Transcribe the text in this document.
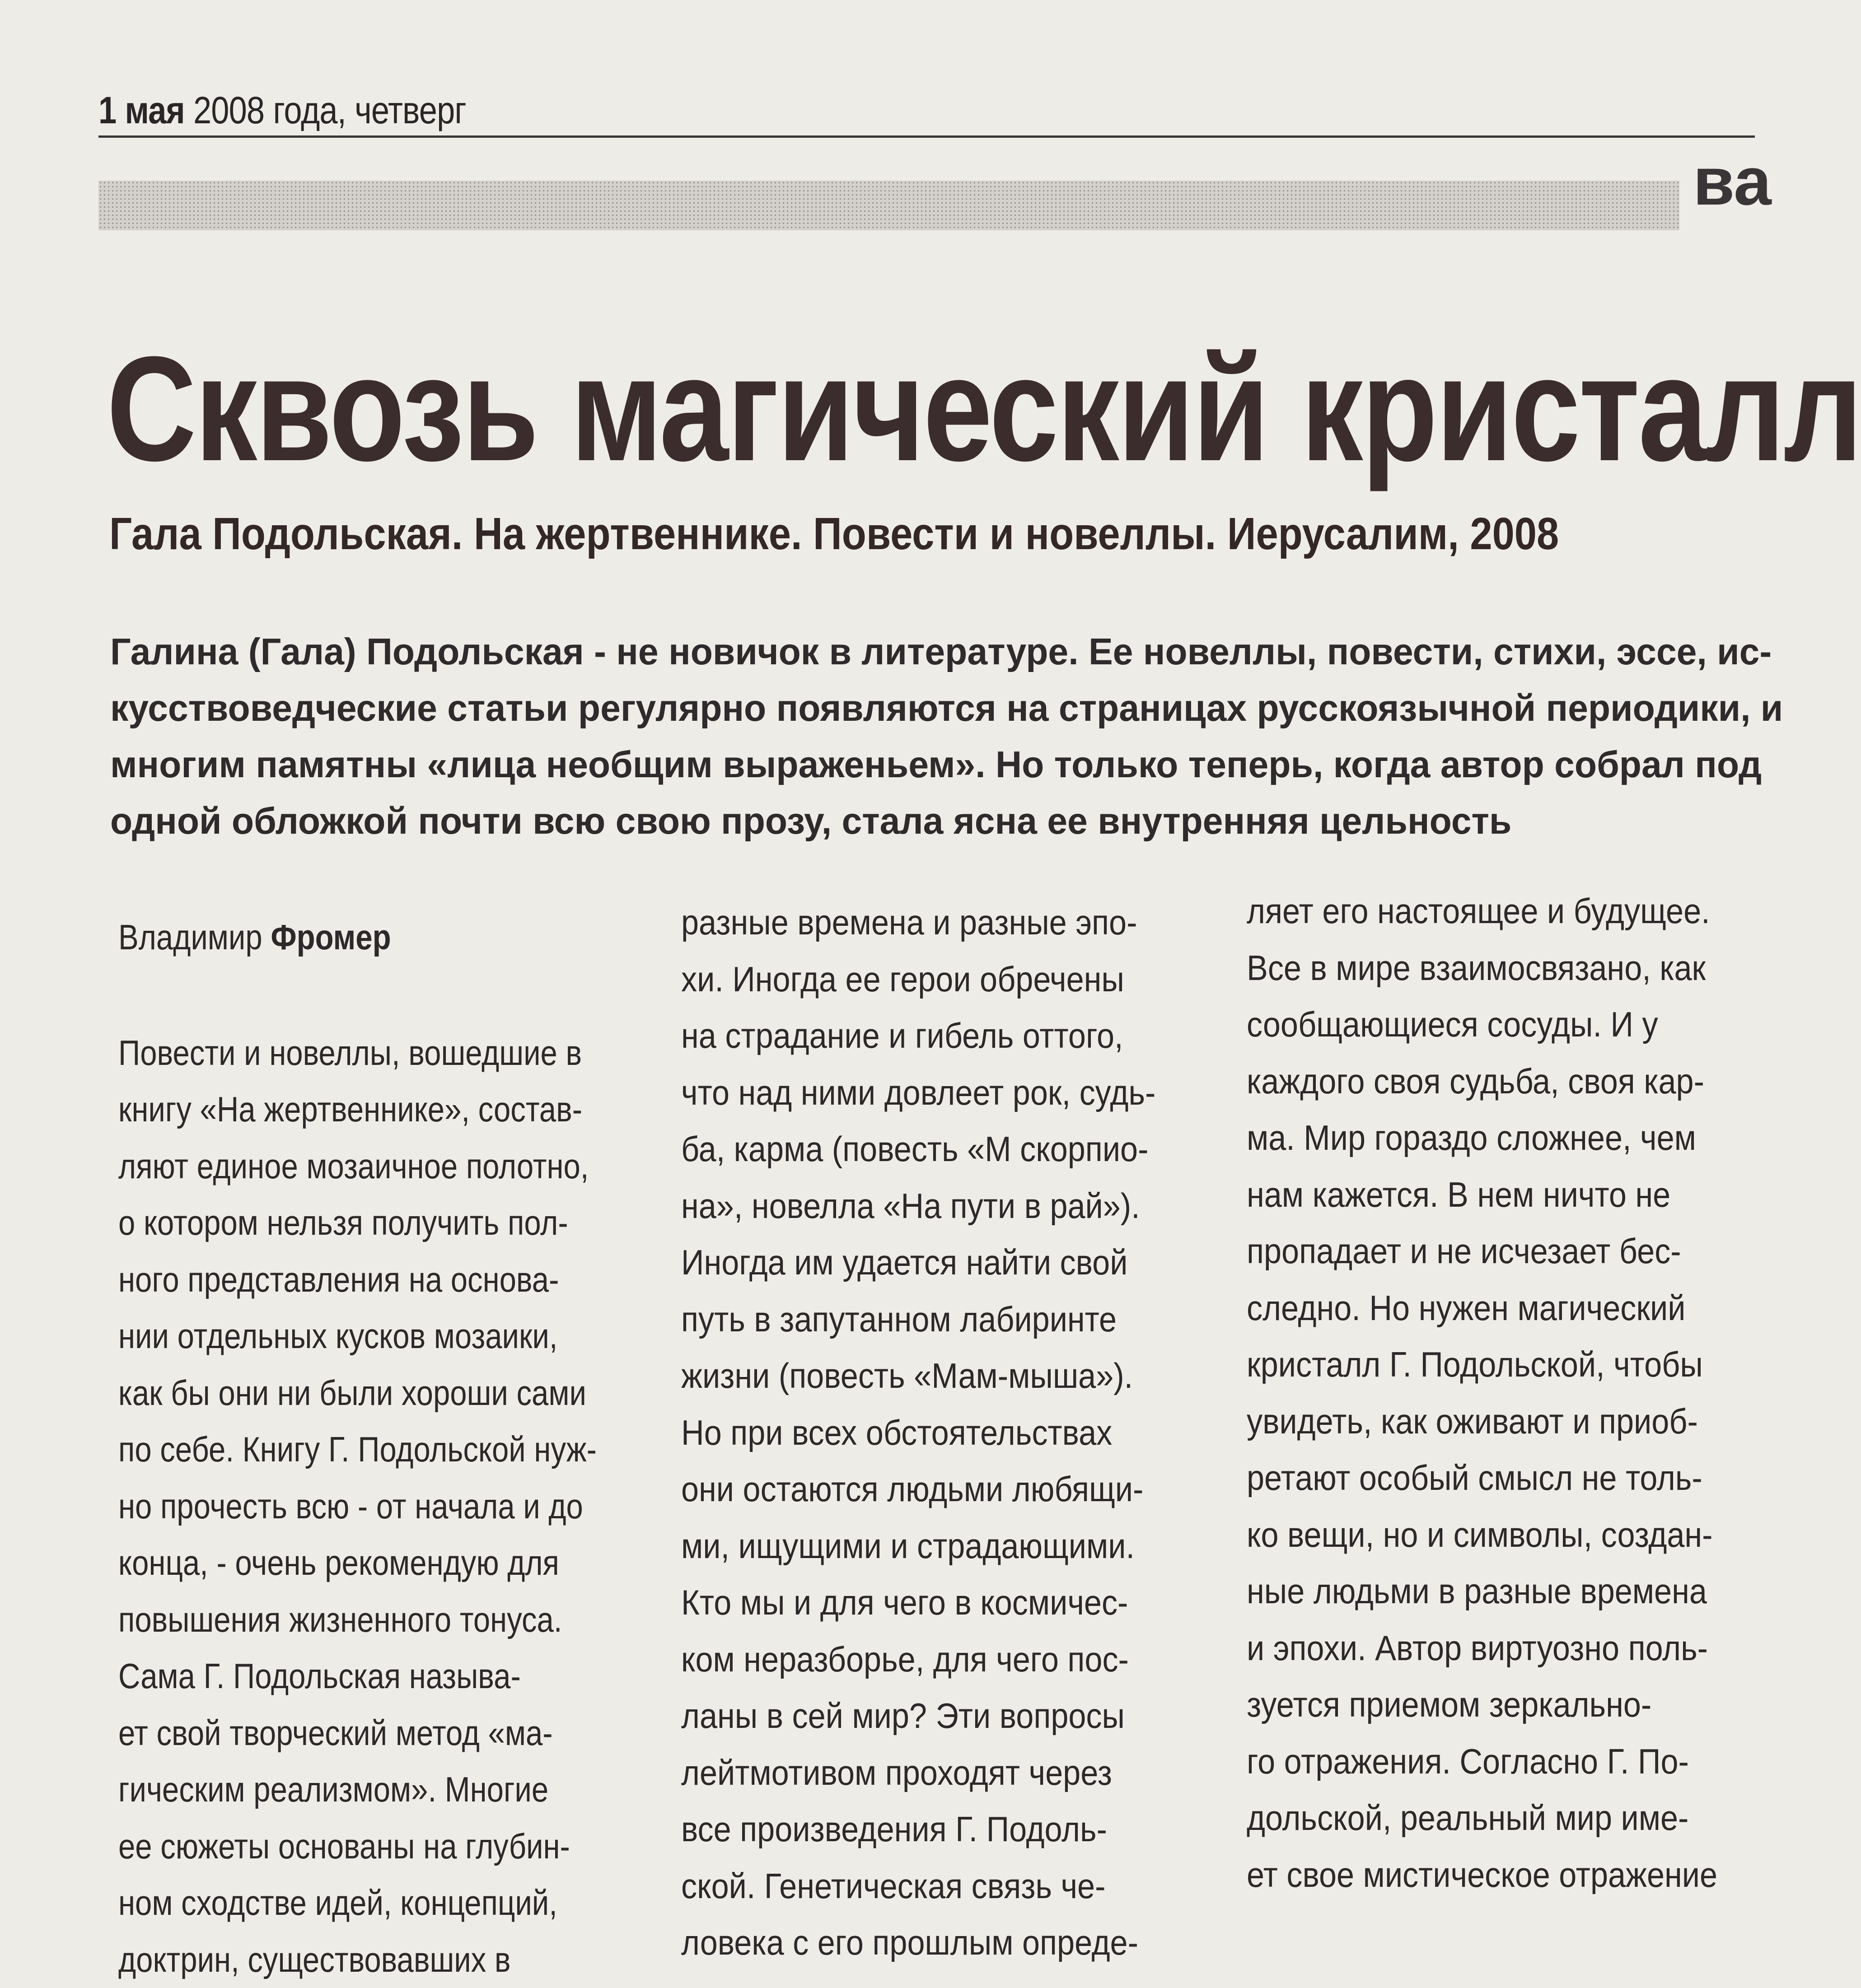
1 мая 2008 года, четверг
ва
Сквозь магический кристалл
Гала Подольская. На жертвеннике. Повести и новеллы. Иерусалим, 2008
Галина (Гала) Подольская - не новичок в литературе. Ее новеллы, повести, стихи, эссе, ис-
кусствоведческие статьи регулярно появляются на страницах русскоязычной периодики, и
многим памятны «лица необщим выраженьем». Но только теперь, когда автор собрал под
одной обложкой почти всю свою прозу, стала ясна ее внутренняя цельность
Владимир Фромер
Повести и новеллы, вошедшие в
книгу «На жертвеннике», состав-
ляют единое мозаичное полотно,
о котором нельзя получить пол-
ного представления на основа-
нии отдельных кусков мозаики,
как бы они ни были хороши сами
по себе. Книгу Г. Подольской нуж-
но прочесть всю - от начала и до
конца, - очень рекомендую для
повышения жизненного тонуса.
Сама Г. Подольская называ-
ет свой творческий метод «ма-
гическим реализмом». Многие
ее сюжеты основаны на глубин-
ном сходстве идей, концепций,
доктрин, существовавших в
разные времена и разные эпо-
хи. Иногда ее герои обречены
на страдание и гибель оттого,
что над ними довлеет рок, судь-
ба, карма (повесть «М скорпио-
на», новелла «На пути в рай»).
Иногда им удается найти свой
путь в запутанном лабиринте
жизни (повесть «Мам-мыша»).
Но при всех обстоятельствах
они остаются людьми любящи-
ми, ищущими и страдающими.
Кто мы и для чего в космичес-
ком неразборье, для чего пос-
ланы в сей мир? Эти вопросы
лейтмотивом проходят через
все произведения Г. Подоль-
ской. Генетическая связь че-
ловека с его прошлым опреде-
ляет его настоящее и будущее.
Все в мире взаимосвязано, как
сообщающиеся сосуды. И у
каждого своя судьба, своя кар-
ма. Мир гораздо сложнее, чем
нам кажется. В нем ничто не
пропадает и не исчезает бес-
следно. Но нужен магический
кристалл Г. Подольской, чтобы
увидеть, как оживают и приоб-
ретают особый смысл не толь-
ко вещи, но и символы, создан-
ные людьми в разные времена
и эпохи. Автор виртуозно поль-
зуется приемом зеркально-
го отражения. Согласно Г. По-
дольской, реальный мир име-
ет свое мистическое отражение
